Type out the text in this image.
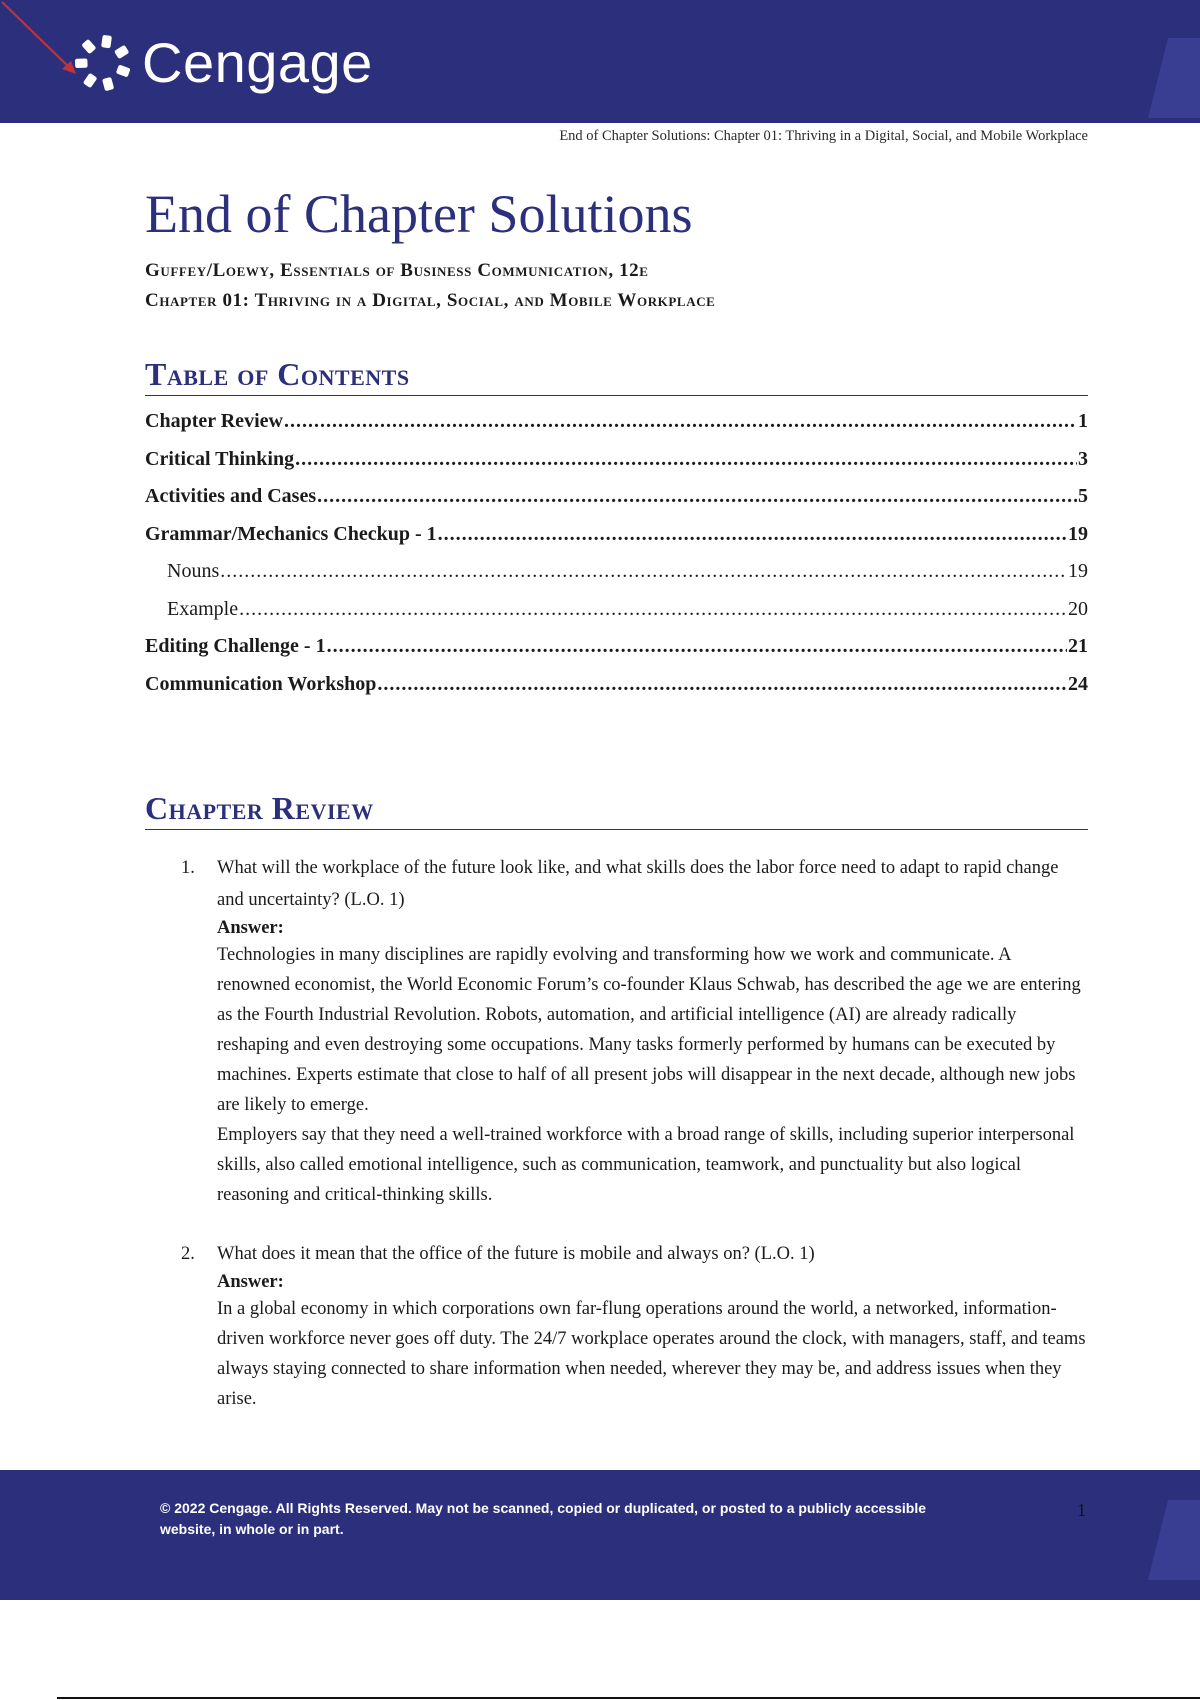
Cengage
End of Chapter Solutions: Chapter 01: Thriving in a Digital, Social, and Mobile Workplace
End of Chapter Solutions

Guffey/Loewy, Essentials of Business Communication, 12e

Chapter 01: Thriving in a Digital, Social, and Mobile Workplace

Table of Contents
Chapter Review .....	1
Critical Thinking .....	3
Activities and Cases .....	5
Grammar/Mechanics Checkup - 1 .....	19
Nouns .....	19
Example .....	20
Editing Challenge - 1 .....	21
Communication Workshop .....	24
Chapter Review
1. What will the workplace of the future look like, and what skills does the labor force need to adapt to rapid change and uncertainty? (L.O. 1)
Answer:

Technologies in many disciplines are rapidly evolving and transforming how we work and communicate. A renowned economist, the World Economic Forum’s co-founder Klaus Schwab, has described the age we are entering as the Fourth Industrial Revolution. Robots, automation, and artificial intelligence (AI) are already radically reshaping and even destroying some occupations. Many tasks formerly performed by humans can be executed by machines. Experts estimate that close to half of all present jobs will disappear in the next decade, although new jobs are likely to emerge.

Employers say that they need a well-trained workforce with a broad range of skills, including superior interpersonal skills, also called emotional intelligence, such as communication, teamwork, and punctuality but also logical reasoning and critical-thinking skills.

2. What does it mean that the office of the future is mobile and always on? (L.O. 1)
Answer:

In a global economy in which corporations own far-flung operations around the world, a networked, information-driven workforce never goes off duty. The 24/7 workplace operates around the clock, with managers, staff, and teams always staying connected to share information when needed, wherever they may be, and address issues when they arise.

© 2022 Cengage. All Rights Reserved. May not be scanned, copied or duplicated, or posted to a publicly accessible website, in whole or in part.
1
